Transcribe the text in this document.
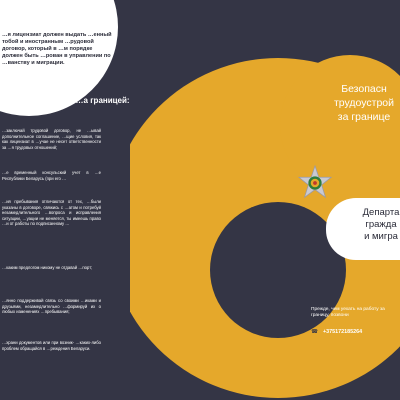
…я лицензиат должен выдать …енный тобой и иностранным …рудовой договор, который в …м порядке должен быть …рован в управлении по …ванству и миграции.
…ия пребывания …а границей:
…заключай трудовой договор, не …ывай дополнительное соглашение, …щие условия, так как лицензиат в …учае не несет ответственности за …я трудовых отношений;
…е временный консульский учет в …е Республики Беларусь (при его …
…ия пребывания отличаются от тех, …были указаны в договоре, свяжись с …атом и потребуй незамедлительного …вопроса и исправления ситуации, …уации не меняется, ты имеешь право …и от работы по подписанному …
…каким предлогом никому не отдавай …порт;
…янно поддерживай связь со своими …иками и друзьями, незамедлительно …формируй их о любых изменениях …пребывания;
…храни документов или при возник- …каких-либо проблем обращайся в …реждения Беларуси.
Безопасн
трудоустрой
за границе
Департа
гражда
и мигра
Прежде, чем уехать на работу за границу, позвони
☎ +375172185264
